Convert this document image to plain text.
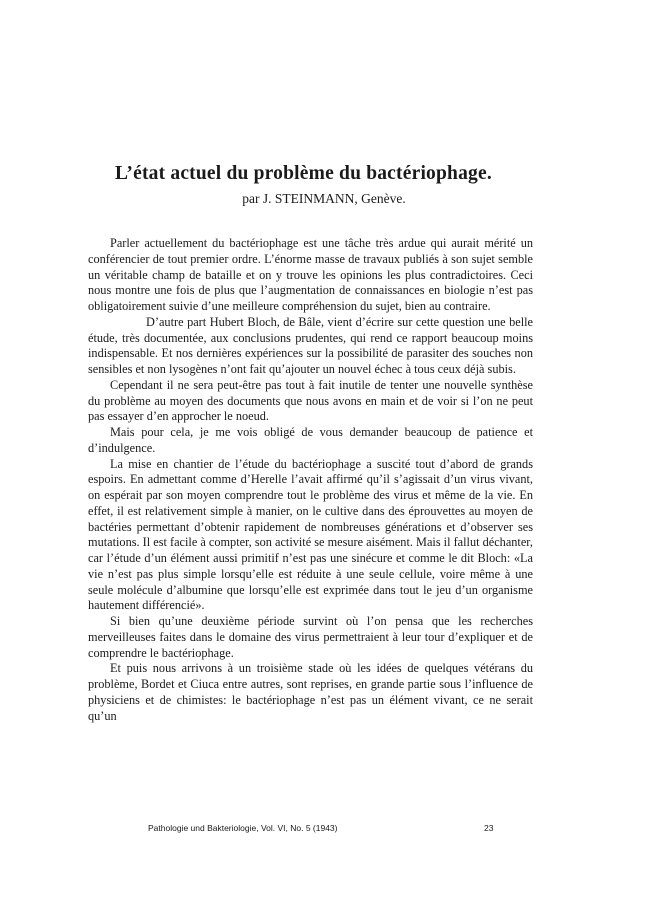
L’état actuel du problème du bactériophage.

par J. STEINMANN, Genève.

Parler actuellement du bactériophage est une tâche très ardue qui aurait mérité un conférencier de tout premier ordre. L’énorme masse de travaux publiés à son sujet semble un véritable champ de bataille et on y trouve les opinions les plus contradictoires. Ceci nous montre une fois de plus que l’augmentation de connaissances en biologie n’est pas obligatoirement suivie d’une meilleure compréhension du sujet, bien au contraire.

D’autre part Hubert Bloch, de Bâle, vient d’écrire sur cette question une belle étude, très documentée, aux conclusions prudentes, qui rend ce rapport beaucoup moins indispensable. Et nos dernières expériences sur la possibilité de parasiter des souches non sensibles et non lysogènes n’ont fait qu’ajouter un nouvel échec à tous ceux déjà subis.

Cependant il ne sera peut-être pas tout à fait inutile de tenter une nouvelle synthèse du problème au moyen des documents que nous avons en main et de voir si l’on ne peut pas essayer d’en approcher le noeud.

Mais pour cela, je me vois obligé de vous demander beaucoup de patience et d’indulgence.

La mise en chantier de l’étude du bactériophage a suscité tout d’abord de grands espoirs. En admettant comme d’Herelle l’avait affirmé qu’il s’agissait d’un virus vivant, on espérait par son moyen comprendre tout le problème des virus et même de la vie. En effet, il est relativement simple à manier, on le cultive dans des éprouvettes au moyen de bactéries permettant d’obtenir rapidement de nombreuses générations et d’observer ses mutations. Il est facile à compter, son activité se mesure aisément. Mais il fallut déchanter, car l’étude d’un élément aussi primitif n’est pas une sinécure et comme le dit Bloch: «La vie n’est pas plus simple lorsqu’elle est réduite à une seule cellule, voire même à une seule molécule d’albumine que lorsqu’elle est exprimée dans tout le jeu d’un organisme hautement différencié».

Si bien qu’une deuxième période survint où l’on pensa que les recherches merveilleuses faites dans le domaine des virus permettraient à leur tour d’expliquer et de comprendre le bactériophage.

Et puis nous arrivons à un troisième stade où les idées de quelques vétérans du problème, Bordet et Ciuca entre autres, sont reprises, en grande partie sous l’influence de physiciens et de chimistes: le bactériophage n’est pas un élément vivant, ce ne serait qu’un

Pathologie und Bakteriologie, Vol. VI, No. 5 (1943)	23
